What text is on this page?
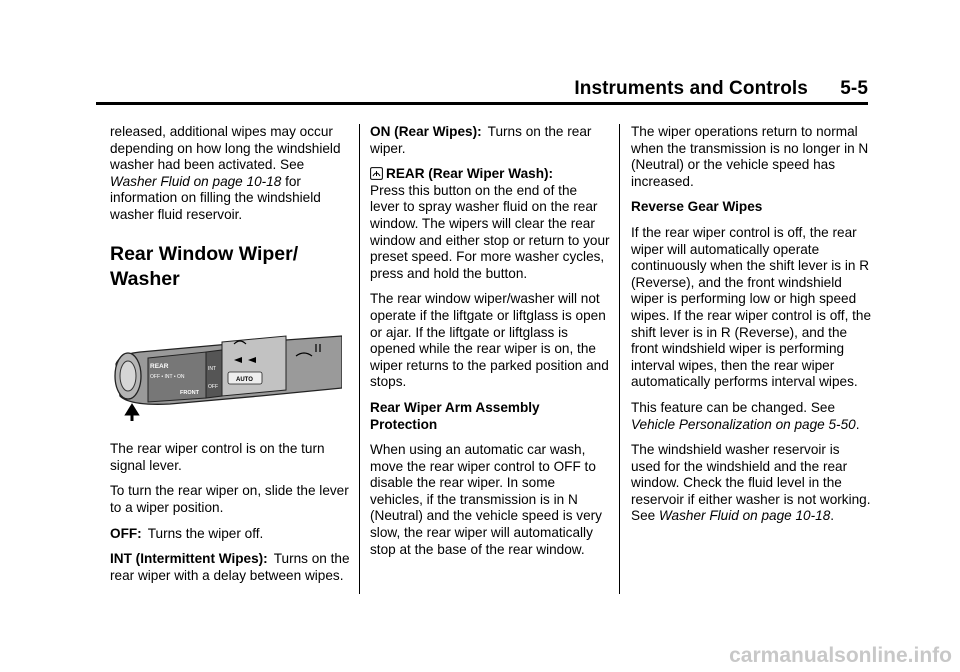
Instruments and Controls 5-5

released, additional wipes may occur depending on how long the windshield washer had been activated. See Washer Fluid on page 10-18 for information on filling the windshield washer fluid reservoir.

Rear Window Wiper/
Washer
REAR
OFF • INT • ON
FRONT
INT
OFF
AUTO

The rear wiper control is on the turn signal lever.

To turn the rear wiper on, slide the lever to a wiper position.

OFF: Turns the wiper off.

INT (Intermittent Wipes): Turns on the rear wiper with a delay between wipes.

ON (Rear Wipes): Turns on the rear wiper.

REAR (Rear Wiper Wash):
Press this button on the end of the lever to spray washer fluid on the rear window. The wipers will clear the rear window and either stop or return to your preset speed. For more washer cycles, press and hold the button.

The rear window wiper/washer will not operate if the liftgate or liftglass is open or ajar. If the liftgate or liftglass is opened while the rear wiper is on, the wiper returns to the parked position and stops.

Rear Wiper Arm Assembly Protection

When using an automatic car wash, move the rear wiper control to OFF to disable the rear wiper. In some vehicles, if the transmission is in N (Neutral) and the vehicle speed is very slow, the rear wiper will automatically stop at the base of the rear window.

The wiper operations return to normal when the transmission is no longer in N (Neutral) or the vehicle speed has increased.

Reverse Gear Wipes

If the rear wiper control is off, the rear wiper will automatically operate continuously when the shift lever is in R (Reverse), and the front windshield wiper is performing low or high speed wipes. If the rear wiper control is off, the shift lever is in R (Reverse), and the front windshield wiper is performing interval wipes, then the rear wiper automatically performs interval wipes.

This feature can be changed. See Vehicle Personalization on page 5-50.

The windshield washer reservoir is used for the windshield and the rear window. Check the fluid level in the reservoir if either washer is not working. See Washer Fluid on page 10-18.

carmanualsonline.info
